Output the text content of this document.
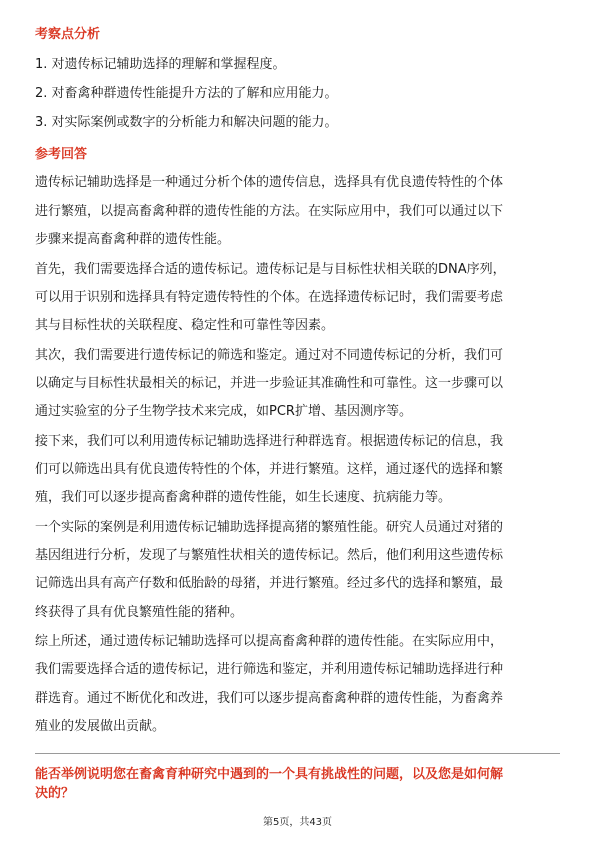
考察点分析
1. 对遗传标记辅助选择的理解和掌握程度。
2. 对畜禽种群遗传性能提升方法的了解和应用能力。
3. 对实际案例或数字的分析能力和解决问题的能力。
参考回答
遗传标记辅助选择是一种通过分析个体的遗传信息，选择具有优良遗传特性的个体
进行繁殖，以提高畜禽种群的遗传性能的方法。在实际应用中，我们可以通过以下
步骤来提高畜禽种群的遗传性能。
首先，我们需要选择合适的遗传标记。遗传标记是与目标性状相关联的DNA序列，
可以用于识别和选择具有特定遗传特性的个体。在选择遗传标记时，我们需要考虑
其与目标性状的关联程度、稳定性和可靠性等因素。
其次，我们需要进行遗传标记的筛选和鉴定。通过对不同遗传标记的分析，我们可
以确定与目标性状最相关的标记，并进一步验证其准确性和可靠性。这一步骤可以
通过实验室的分子生物学技术来完成，如PCR扩增、基因测序等。
接下来，我们可以利用遗传标记辅助选择进行种群选育。根据遗传标记的信息，我
们可以筛选出具有优良遗传特性的个体，并进行繁殖。这样，通过逐代的选择和繁
殖，我们可以逐步提高畜禽种群的遗传性能，如生长速度、抗病能力等。
一个实际的案例是利用遗传标记辅助选择提高猪的繁殖性能。研究人员通过对猪的
基因组进行分析，发现了与繁殖性状相关的遗传标记。然后，他们利用这些遗传标
记筛选出具有高产仔数和低胎龄的母猪，并进行繁殖。经过多代的选择和繁殖，最
终获得了具有优良繁殖性能的猪种。
综上所述，通过遗传标记辅助选择可以提高畜禽种群的遗传性能。在实际应用中，
我们需要选择合适的遗传标记，进行筛选和鉴定，并利用遗传标记辅助选择进行种
群选育。通过不断优化和改进，我们可以逐步提高畜禽种群的遗传性能，为畜禽养
殖业的发展做出贡献。
能否举例说明您在畜禽育种研究中遇到的一个具有挑战性的问题，以及您是如何解
决的？
第5页，共43页
